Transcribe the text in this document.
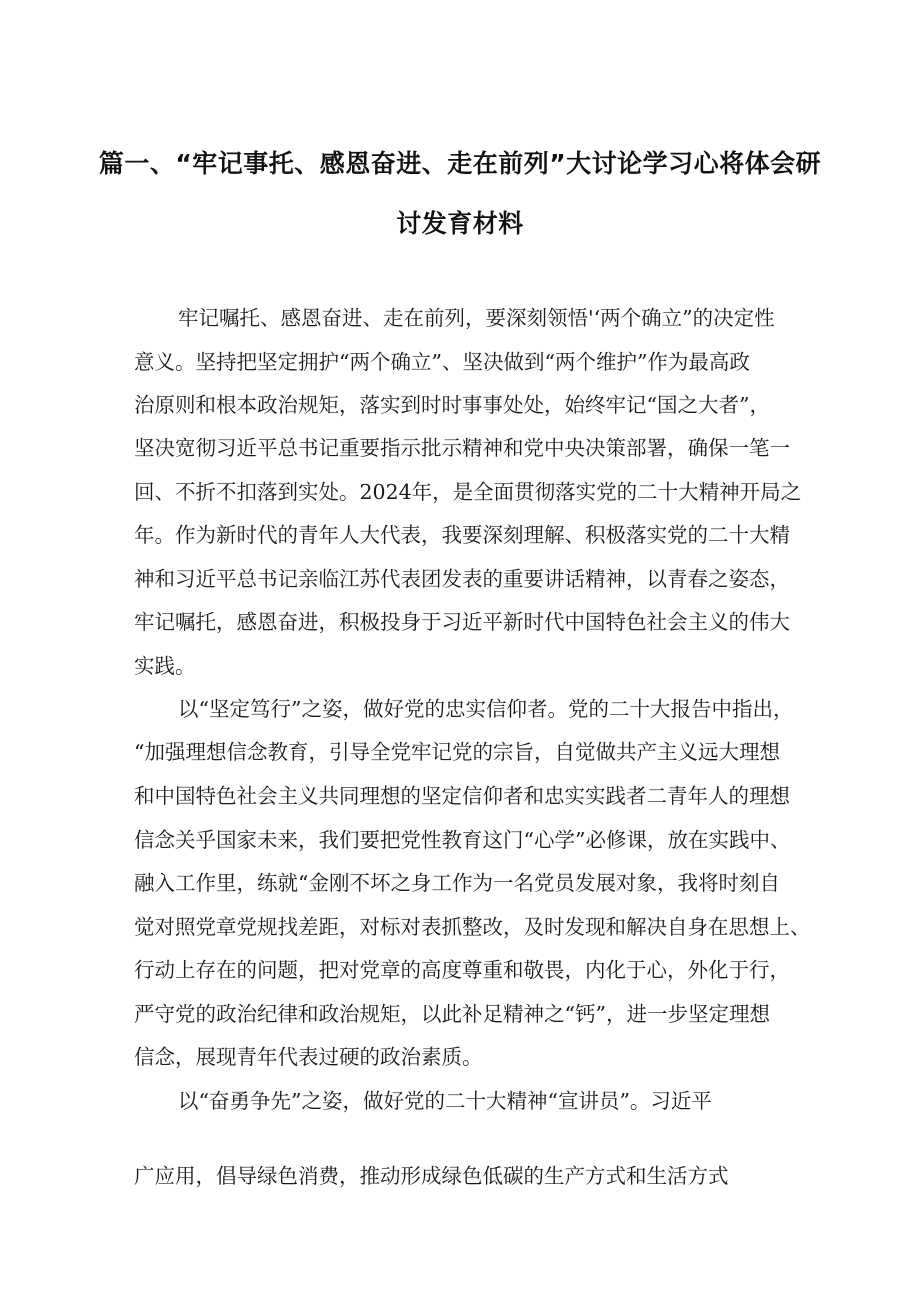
篇一、“牢记事托、感恩奋进、走在前列”大讨论学习心将体会研
讨发育材料
牢记嘱托、感恩奋进、走在前列，要深刻领悟'‘两个确立”的决定性
意义。坚持把坚定拥护“两个确立”、坚决做到“两个维护”作为最高政
治原则和根本政治规矩，落实到时时事事处处，始终牢记“国之大者”，
坚决宽彻习近平总书记重要指示批示精神和党中央决策部署，确保一笔一
回、不折不扣落到实处。2024年，是全面贯彻落实党的二十大精神开局之
年。作为新时代的青年人大代表，我要深刻理解、积极落实党的二十大精
神和习近平总书记亲临江苏代表团发表的重要讲话精神，以青春之姿态，
牢记嘱托，感恩奋进，积极投身于习近平新时代中国特色社会主义的伟大
实践。
以“坚定笃行”之姿，做好党的忠实信仰者。党的二十大报告中指出，
“加强理想信念教育，引导全党牢记党的宗旨，自觉做共产主义远大理想
和中国特色社会主义共同理想的坚定信仰者和忠实实践者二青年人的理想
信念关乎国家未来，我们要把党性教育这门“心学”必修课，放在实践中、
融入工作里，练就“金刚不坏之身工作为一名党员发展对象，我将时刻自
觉对照党章党规找差距，对标对表抓整改，及时发现和解决自身在思想上、
行动上存在的问题，把对党章的高度尊重和敬畏，内化于心，外化于行，
严守党的政治纪律和政治规矩，以此补足精神之“钙”，进一步坚定理想
信念，展现青年代表过硬的政治素质。
以“奋勇争先”之姿，做好党的二十大精神“宣讲员”。习近平
广应用，倡导绿色消费，推动形成绿色低碳的生产方式和生活方式
